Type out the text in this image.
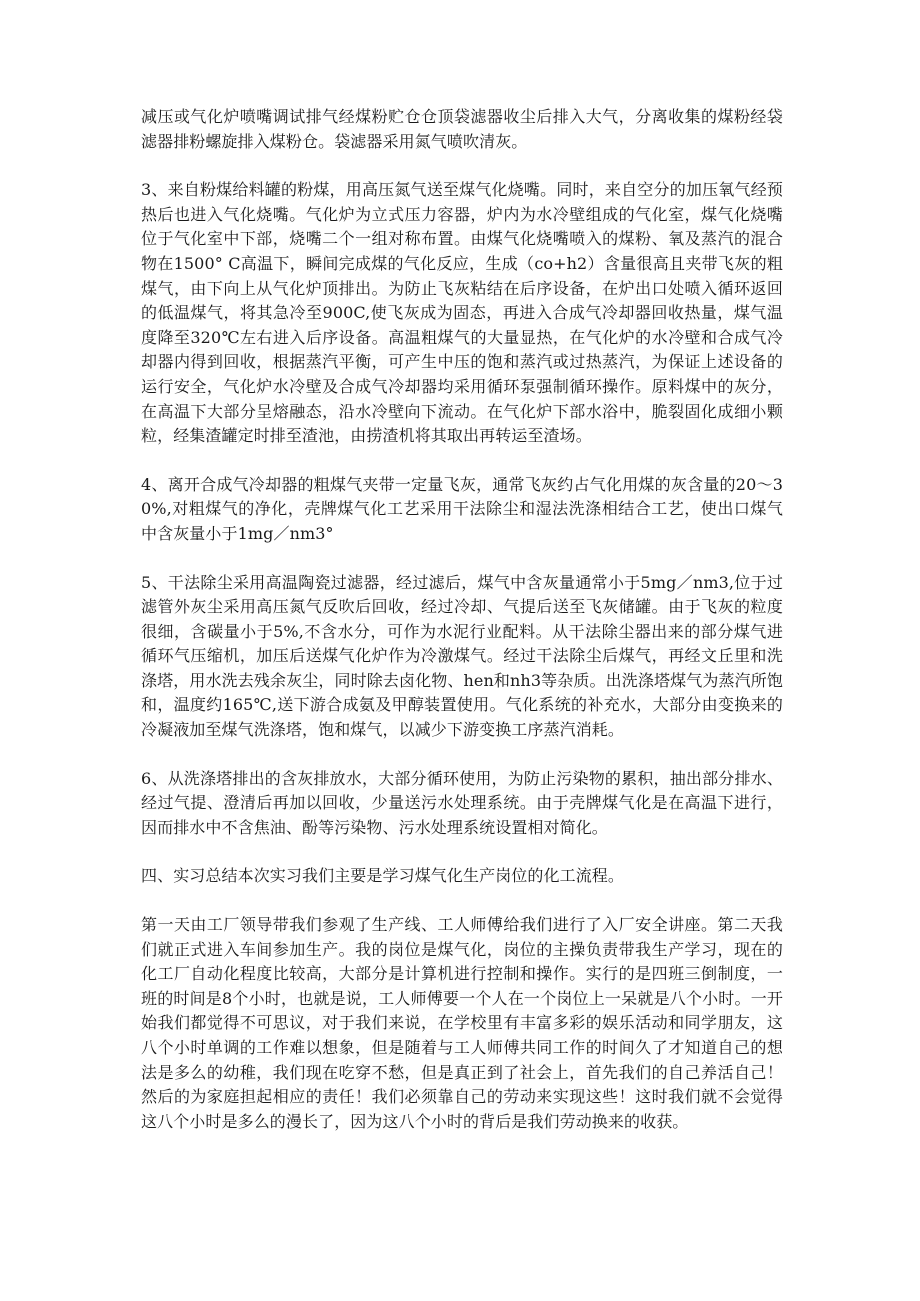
减压或气化炉喷嘴调试排气经煤粉贮仓仓顶袋滤器收尘后排入大气，分离收集的煤粉经袋滤器排粉螺旋排入煤粉仓。袋滤器采用氮气喷吹清灰。

3、来自粉煤给料罐的粉煤，用高压氮气送至煤气化烧嘴。同时，来自空分的加压氧气经预热后也进入气化烧嘴。气化炉为立式压力容器，炉内为水冷壁组成的气化室，煤气化烧嘴位于气化室中下部，烧嘴二个一组对称布置。由煤气化烧嘴喷入的煤粉、氧及蒸汽的混合物在1500° C高温下，瞬间完成煤的气化反应，生成（co+h2）含量很高且夹带飞灰的粗煤气，由下向上从气化炉顶排出。为防止飞灰粘结在后序设备，在炉出口处喷入循环返回的低温煤气，将其急冷至900C,使飞灰成为固态，再进入合成气冷却器回收热量，煤气温度降至320℃左右进入后序设备。高温粗煤气的大量显热，在气化炉的水冷壁和合成气冷却器内得到回收，根据蒸汽平衡，可产生中压的饱和蒸汽或过热蒸汽，为保证上述设备的运行安全，气化炉水冷壁及合成气冷却器均采用循环泵强制循环操作。原料煤中的灰分，在高温下大部分呈熔融态，沿水冷壁向下流动。在气化炉下部水浴中，脆裂固化成细小颗粒，经集渣罐定时排至渣池，由捞渣机将其取出再转运至渣场。

4、离开合成气冷却器的粗煤气夹带一定量飞灰，通常飞灰约占气化用煤的灰含量的20～30%,对粗煤气的净化，壳牌煤气化工艺采用干法除尘和湿法洗涤相结合工艺，使出口煤气中含灰量小于1mg／nm3°

5、干法除尘采用高温陶瓷过滤器，经过滤后，煤气中含灰量通常小于5mg／nm3,位于过滤管外灰尘采用高压氮气反吹后回收，经过冷却、气提后送至飞灰储罐。由于飞灰的粒度很细，含碳量小于5%,不含水分，可作为水泥行业配料。从干法除尘器出来的部分煤气进循环气压缩机，加压后送煤气化炉作为冷激煤气。经过干法除尘后煤气，再经文丘里和洗涤塔，用水洗去残余灰尘，同时除去卤化物、hen和nh3等杂质。出洗涤塔煤气为蒸汽所饱和，温度约165℃,送下游合成氨及甲醇装置使用。气化系统的补充水，大部分由变换来的冷凝液加至煤气洗涤塔，饱和煤气，以减少下游变换工序蒸汽消耗。

6、从洗涤塔排出的含灰排放水，大部分循环使用，为防止污染物的累积，抽出部分排水、经过气提、澄清后再加以回收，少量送污水处理系统。由于壳牌煤气化是在高温下进行，因而排水中不含焦油、酚等污染物、污水处理系统设置相对简化。

四、实习总结本次实习我们主要是学习煤气化生产岗位的化工流程。

第一天由工厂领导带我们参观了生产线、工人师傅给我们进行了入厂安全讲座。第二天我们就正式进入车间参加生产。我的岗位是煤气化，岗位的主操负责带我生产学习，现在的化工厂自动化程度比较高，大部分是计算机进行控制和操作。实行的是四班三倒制度，一班的时间是8个小时，也就是说，工人师傅要一个人在一个岗位上一呆就是八个小时。一开始我们都觉得不可思议，对于我们来说，在学校里有丰富多彩的娱乐活动和同学朋友，这八个小时单调的工作难以想象，但是随着与工人师傅共同工作的时间久了才知道自己的想法是多么的幼稚，我们现在吃穿不愁，但是真正到了社会上，首先我们的自己养活自己！然后的为家庭担起相应的责任！我们必须靠自己的劳动来实现这些！这时我们就不会觉得这八个小时是多么的漫长了，因为这八个小时的背后是我们劳动换来的收获。
